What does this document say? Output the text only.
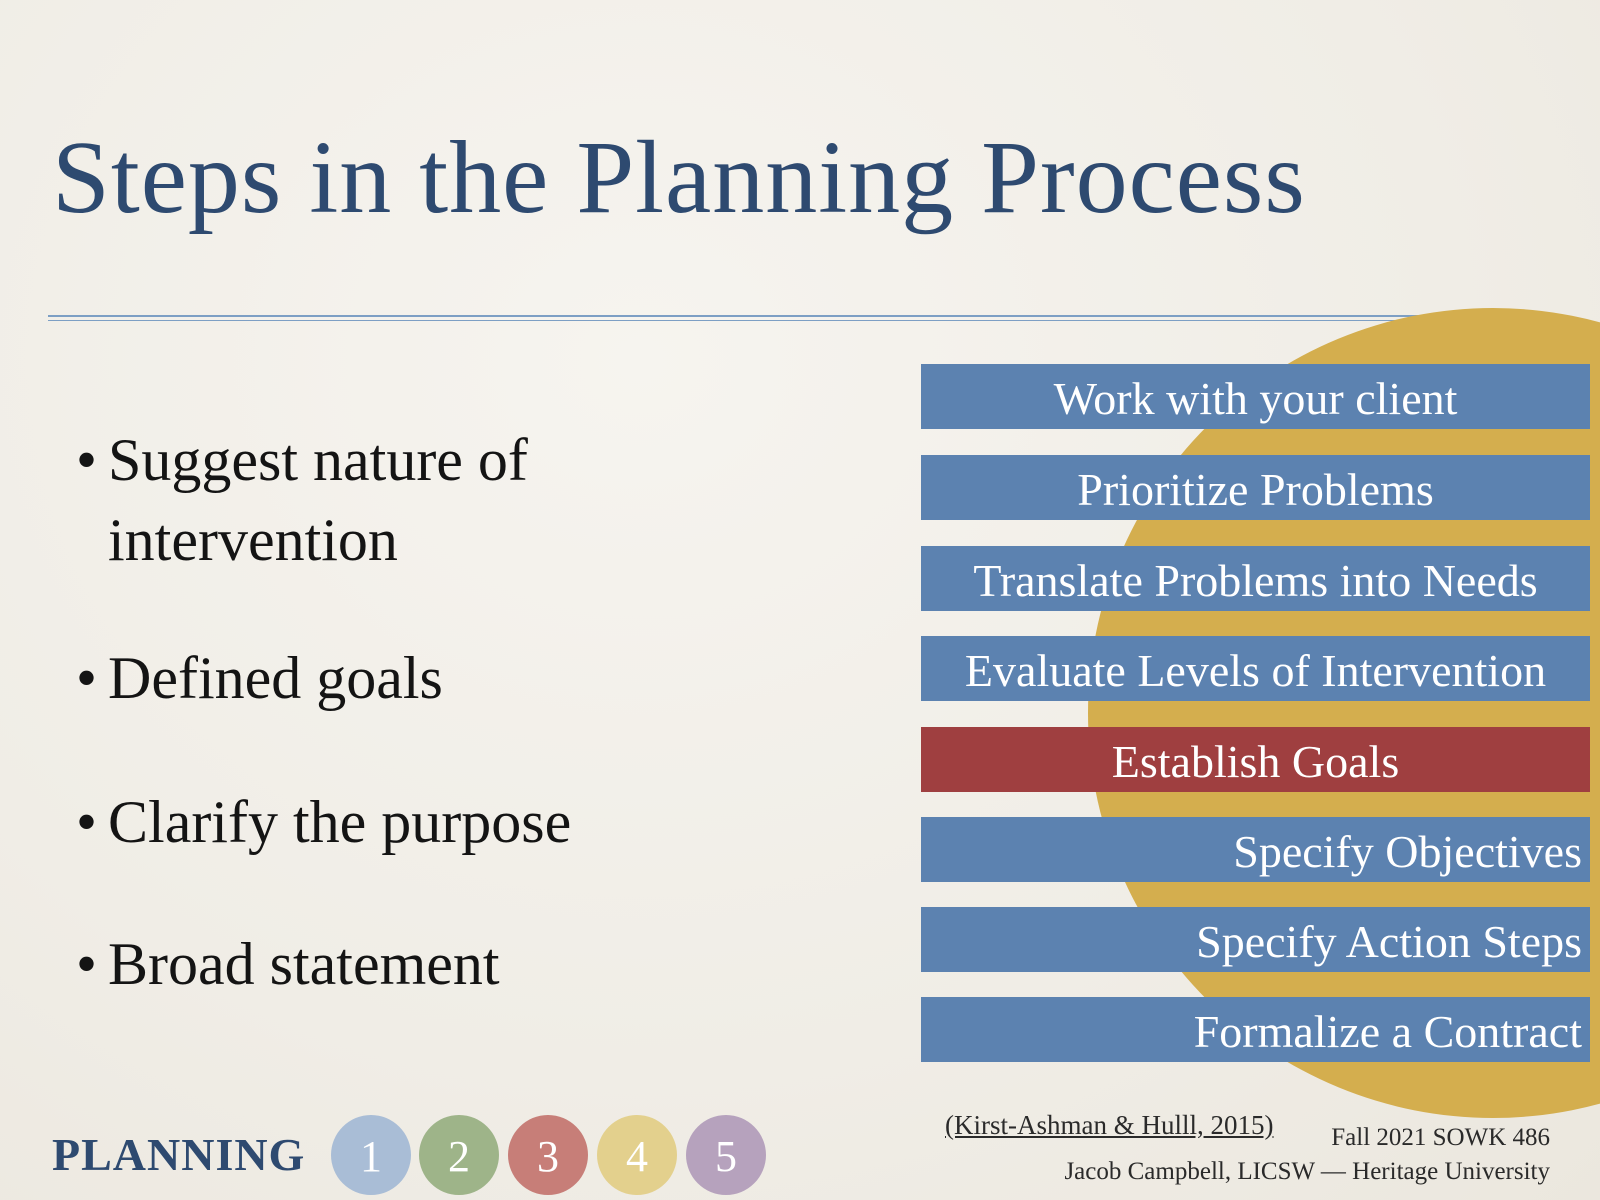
Steps in the Planning Process
• Suggest nature of intervention
• Defined goals
• Clarify the purpose
• Broad statement
Work with your client
Prioritize Problems
Translate Problems into Needs
Evaluate Levels of Intervention
Establish Goals
Specify Objectives
Specify Action Steps
Formalize a Contract
(Kirst-Ashman & Hulll, 2015) Fall 2021 SOWK 486
Jacob Campbell, LICSW — Heritage University
PLANNING	1	2	3	4	5
